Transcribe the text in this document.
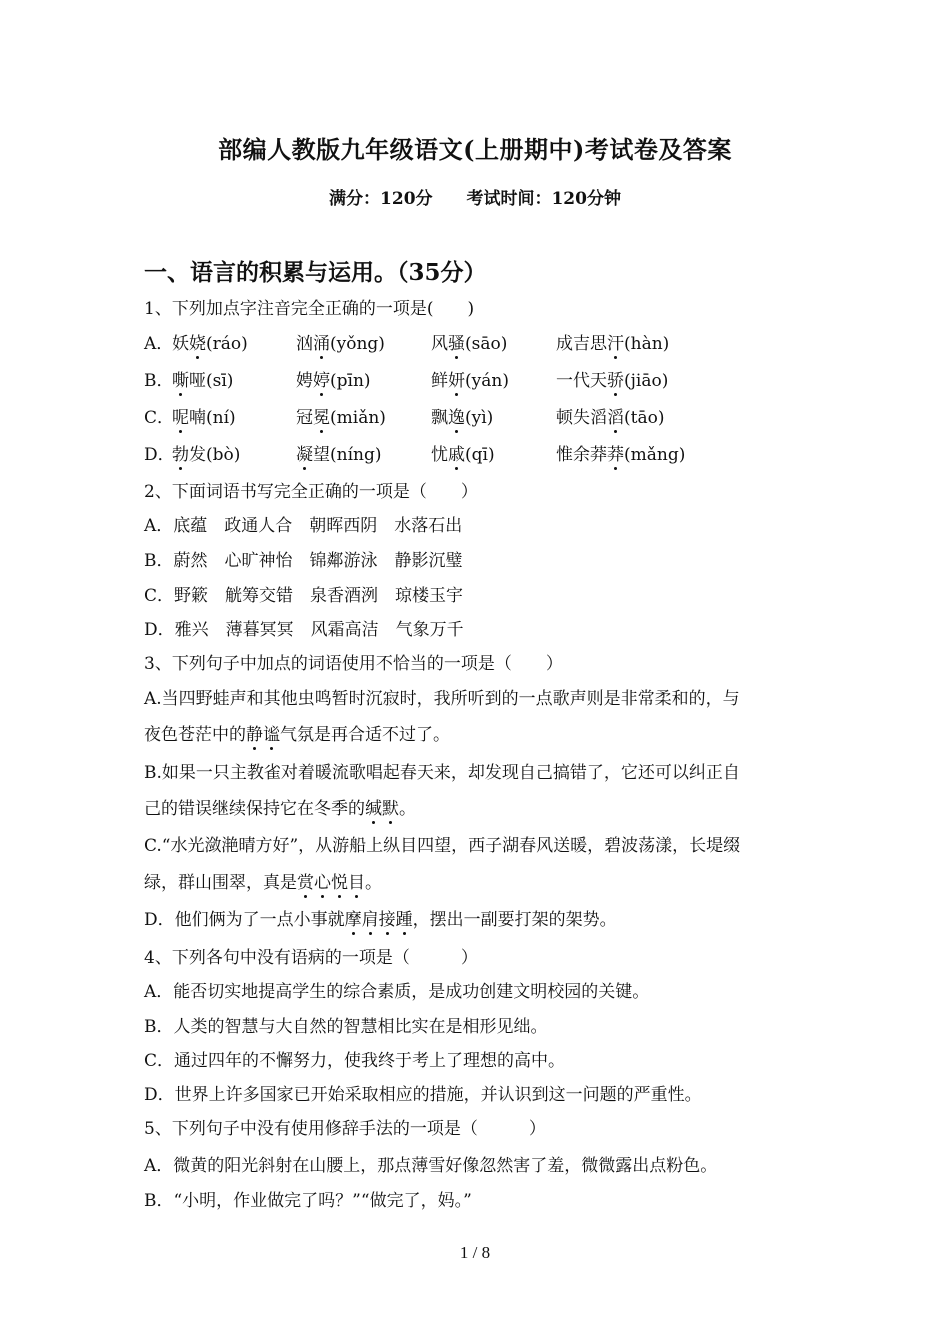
部编人教版九年级语文(上册期中)考试卷及答案
满分：120分 考试时间：120分钟
一、语言的积累与运用。（35分）
1、下列加点字注音完全正确的一项是(　　)
A．
妖娆(ráo)	汹涌(yǒng)	风骚(sāo)	成吉思汗(hàn)
B．
嘶哑(sī)	娉婷(pīn)	鲜妍(yán)	一代天骄(jiāo)
C．
呢喃(ní)	冠冕(miǎn)	飘逸(yì)	顿失滔滔(tāo)
D．
勃发(bò)	凝望(níng)	忧戚(qī)	惟余莽莽(mǎng)
2、下面词语书写完全正确的一项是（　　）
A．底蕴　政通人合　朝晖西阴　水落石出
B．蔚然　心旷神怡　锦鄰游泳　静影沉璧
C．野簌　觥筹交错　泉香酒洌　琼楼玉宇
D．雅兴　薄暮冥冥　风霜高洁　气象万千
3、下列句子中加点的词语使用不恰当的一项是（　　）
A.当四野蛙声和其他虫鸣暂时沉寂时，我所听到的一点歌声则是非常柔和的，与
夜色苍茫中的静谧气氛是再合适不过了。
B.如果一只主教雀对着暖流歌唱起春天来，却发现自己搞错了，它还可以纠正自
己的错误继续保持它在冬季的缄默。
C.“水光潋滟晴方好”，从游船上纵目四望，西子湖春风送暖，碧波荡漾，长堤缀
绿，群山围翠，真是赏心悦目。
D．他们俩为了一点小事就摩肩接踵，摆出一副要打架的架势。
4、下列各句中没有语病的一项是（　　　）
A．能否切实地提高学生的综合素质，是成功创建文明校园的关键。
B．人类的智慧与大自然的智慧相比实在是相形见绌。
C．通过四年的不懈努力，使我终于考上了理想的高中。
D．世界上许多国家已开始采取相应的措施，并认识到这一问题的严重性。
5、下列句子中没有使用修辞手法的一项是（　　　）
A．微黄的阳光斜射在山腰上，那点薄雪好像忽然害了羞，微微露出点粉色。
B．“小明，作业做完了吗？”“做完了，妈。”
1 / 8
